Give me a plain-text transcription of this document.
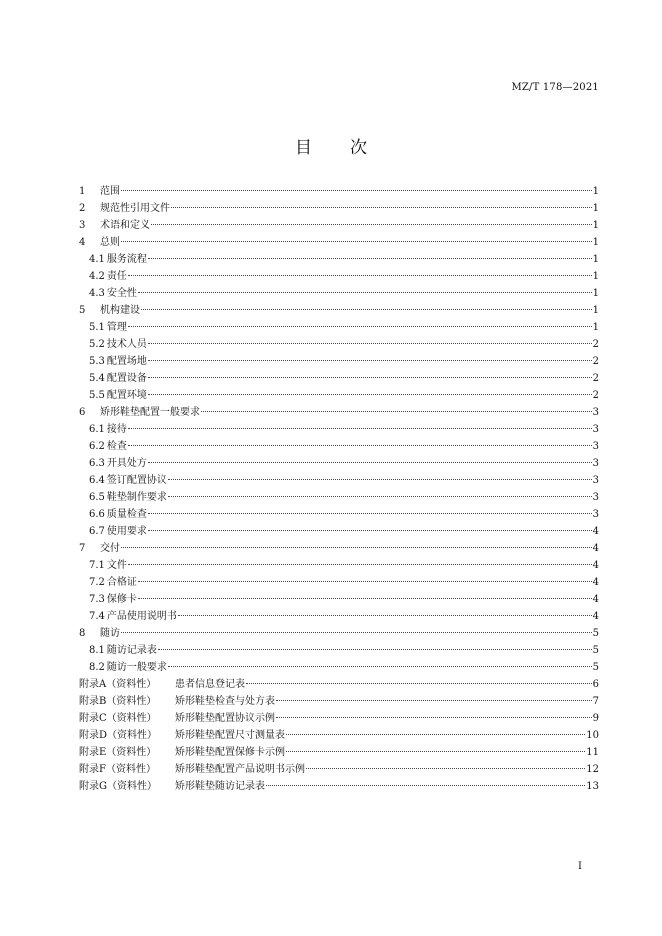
MZ/T 178—2021
目次
1	范围	1
2	规范性引用文件	1
3	术语和定义	1
4	总则	1
4.1 服务流程	1
4.2 责任	1
4.3 安全性	1
5	机构建设	1
5.1 管理	1
5.2 技术人员	2
5.3 配置场地	2
5.4 配置设备	2
5.5 配置环境	2
6	矫形鞋垫配置一般要求	3
6.1 接待	3
6.2 检查	3
6.3 开具处方	3
6.4 签订配置协议	3
6.5 鞋垫制作要求	3
6.6 质量检查	3
6.7 使用要求	4
7	交付	4
7.1 文件	4
7.2 合格证	4
7.3 保修卡	4
7.4 产品使用说明书	4
8	随访	5
8.1 随访记录表	5
8.2 随访一般要求	5
附录A（资料性）	患者信息登记表	6
附录B（资料性）	矫形鞋垫检查与处方表	7
附录C（资料性）	矫形鞋垫配置协议示例	9
附录D（资料性）	矫形鞋垫配置尺寸测量表	10
附录E（资料性）	矫形鞋垫配置保修卡示例	11
附录F（资料性）	矫形鞋垫配置产品说明书示例	12
附录G（资料性）	矫形鞋垫随访记录表	13
I
